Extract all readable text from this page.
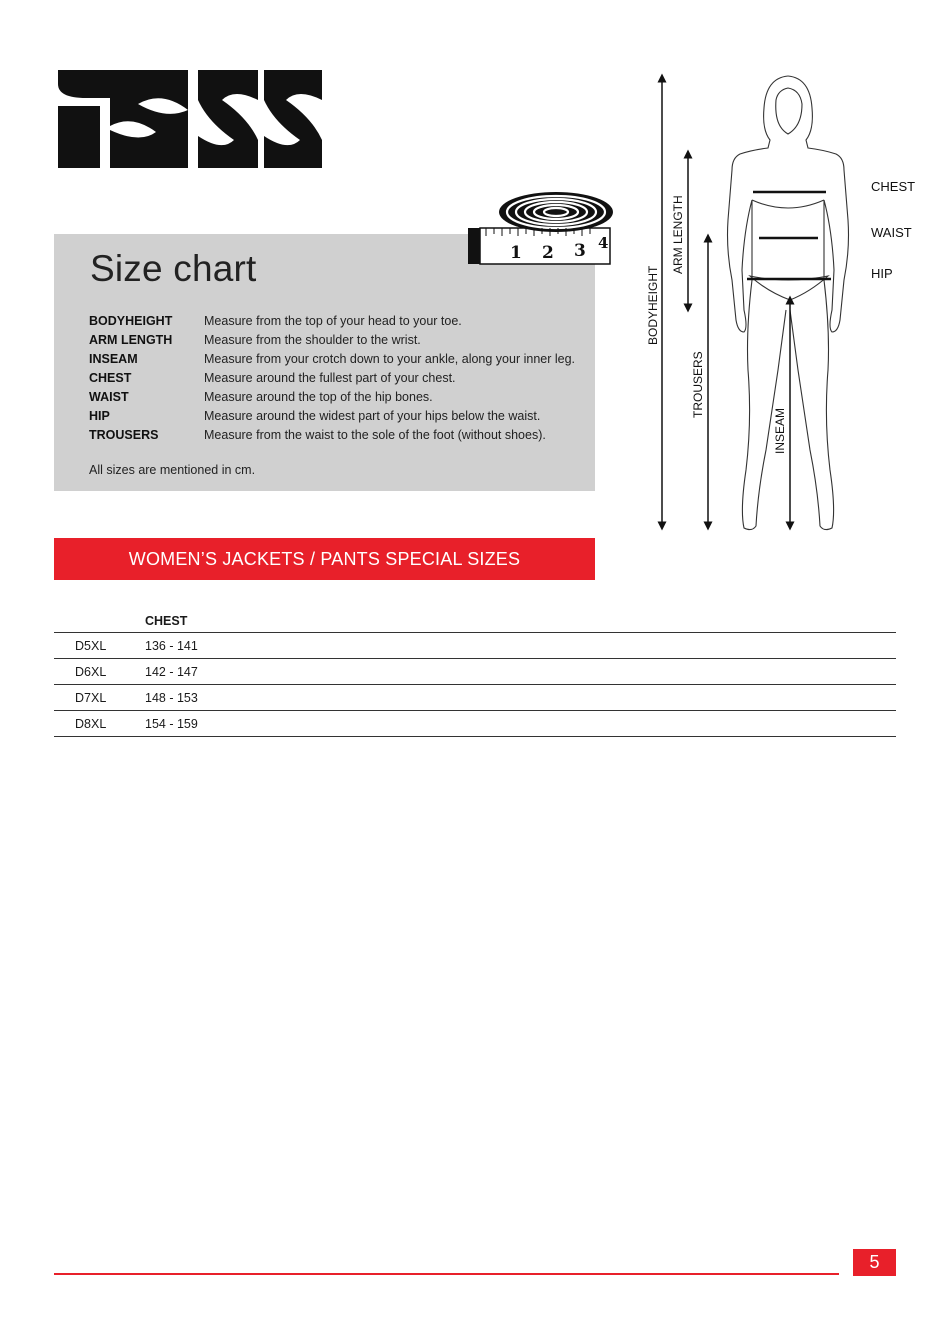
Size chart	1 2 3 4
BODYHEIGHT	Measure from the top of your head to your toe.
ARM LENGTH	Measure from the shoulder to the wrist.
INSEAM	Measure from your crotch down to your ankle, along your inner leg.
CHEST	Measure around the fullest part of your chest.
WAIST	Measure around the top of the hip bones.
HIP	Measure around the widest part of your hips below the waist.
TROUSERS	Measure from the waist to the sole of the foot (without shoes).
All sizes are mentioned in cm.
BODYHEIGHT
ARM LENGTH
TROUSERS
INSEAM
CHEST
WAIST
HIP
WOMEN’S JACKETS / PANTS SPECIAL SIZES
CHEST
D5XL	136 - 141
D6XL	142 - 147
D7XL	148 - 153
D8XL	154 - 159
5
